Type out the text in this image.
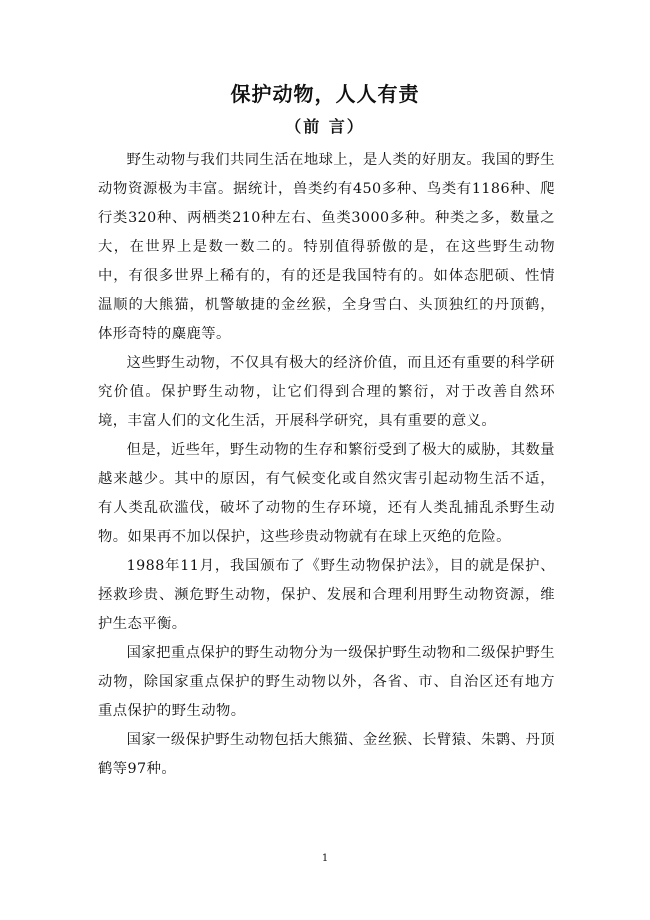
保护动物，人人有责
（前 言）

野生动物与我们共同生活在地球上，是人类的好朋友。我国的野生动物资源极为丰富。据统计，兽类约有450多种、鸟类有1186种、爬行类320种、两栖类210种左右、鱼类3000多种。种类之多，数量之大，在世界上是数一数二的。特别值得骄傲的是，在这些野生动物中，有很多世界上稀有的，有的还是我国特有的。如体态肥硕、性情温顺的大熊猫，机警敏捷的金丝猴，全身雪白、头顶独红的丹顶鹤，体形奇特的麋鹿等。

这些野生动物，不仅具有极大的经济价值，而且还有重要的科学研究价值。保护野生动物，让它们得到合理的繁衍，对于改善自然环境，丰富人们的文化生活，开展科学研究，具有重要的意义。

但是，近些年，野生动物的生存和繁衍受到了极大的威胁，其数量越来越少。其中的原因，有气候变化或自然灾害引起动物生活不适，有人类乱砍滥伐，破坏了动物的生存环境，还有人类乱捕乱杀野生动物。如果再不加以保护，这些珍贵动物就有在球上灭绝的危险。

1988年11月，我国颁布了《野生动物保护法》，目的就是保护、拯救珍贵、濒危野生动物，保护、发展和合理利用野生动物资源，维护生态平衡。

国家把重点保护的野生动物分为一级保护野生动物和二级保护野生动物，除国家重点保护的野生动物以外，各省、市、自治区还有地方重点保护的野生动物。

国家一级保护野生动物包括大熊猫、金丝猴、长臂猿、朱鹮、丹顶鹤等97种。

1
